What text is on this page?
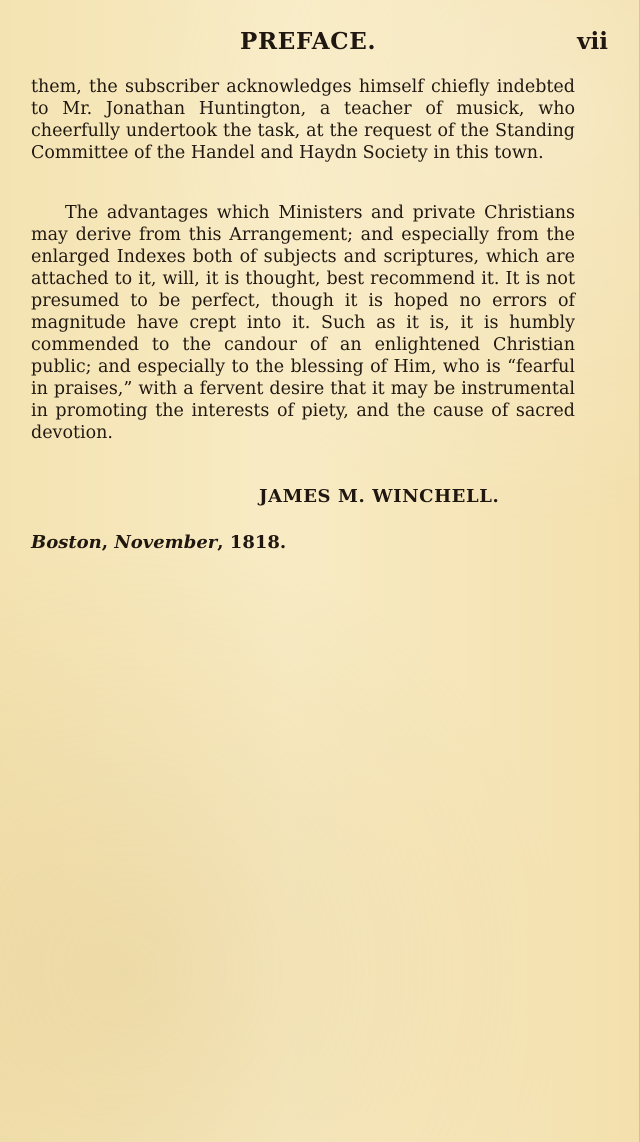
PREFACE.	vii

them, the subscriber acknowledges himself chiefly indebted to Mr. Jonathan Huntington, a teacher of musick, who cheerfully undertook the task, at the request of the Standing Committee of the Handel and Haydn Society in this town.

The advantages which Ministers and private Christians may derive from this Arrangement; and especially from the enlarged Indexes both of subjects and scriptures, which are attached to it, will, it is thought, best recommend it. It is not presumed to be perfect, though it is hoped no errors of magnitude have crept into it. Such as it is, it is humbly commended to the candour of an enlightened Christian public; and especially to the blessing of Him, who is “fearful in praises,” with a fervent desire that it may be instrumental in promoting the interests of piety, and the cause of sacred devotion.

JAMES M. WINCHELL.
Boston, November, 1818.
